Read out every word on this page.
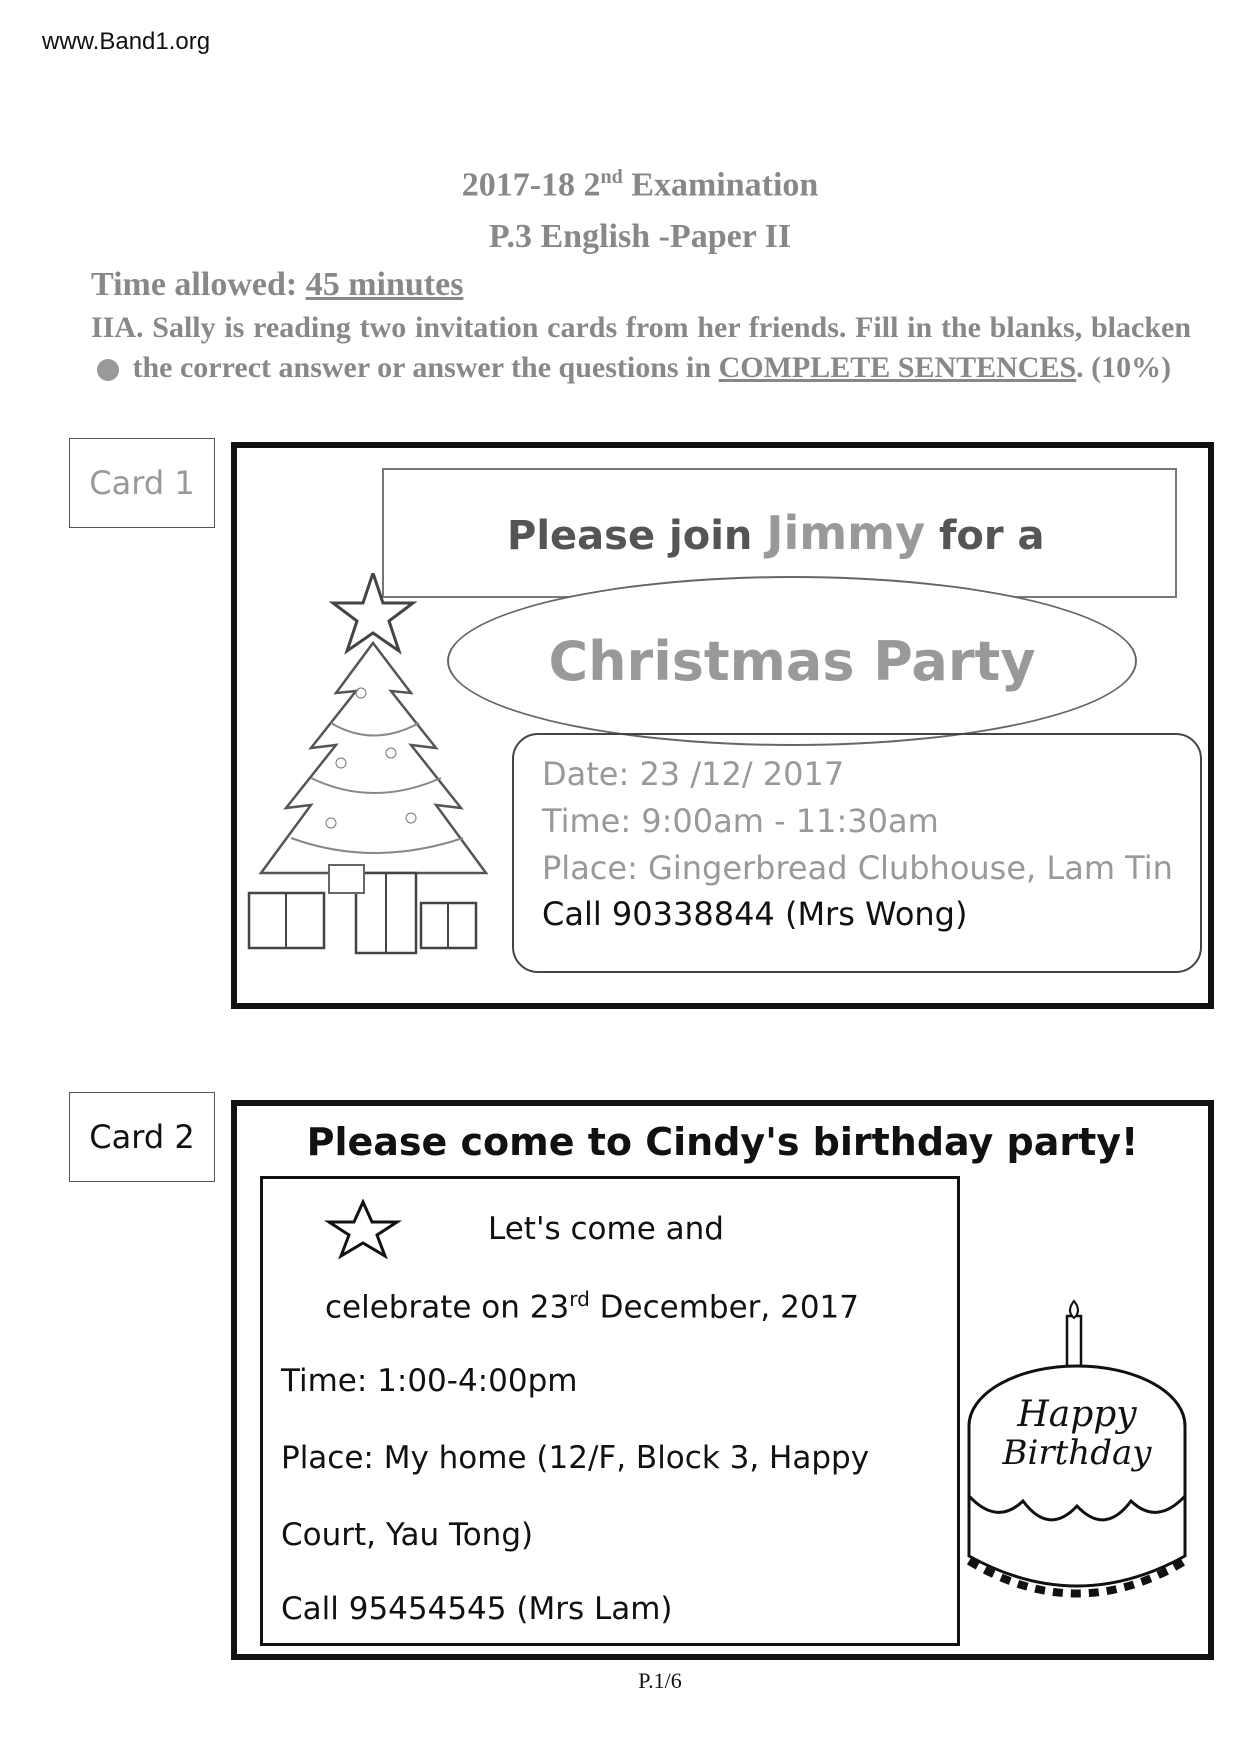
www.Band1.org
2017-18 2nd Examination
P.3 English -Paper II
Time allowed: 45 minutes
IIA. Sally is reading two invitation cards from her friends. Fill in the blanks, blacken  the correct answer or answer the questions in COMPLETE SENTENCES. (10%)
Card 1
Please join Jimmy for a
Christmas Party
Date: 23 /12/ 2017
Time: 9:00am - 11:30am
Place: Gingerbread Clubhouse, Lam Tin
Call 90338844 (Mrs Wong)
Card 2	Please come to Cindy's birthday party!
Let's come and
celebrate on 23rd December, 2017
Time: 1:00-4:00pm
Place: My home (12/F, Block 3, Happy
Court, Yau Tong)
Call 95454545 (Mrs Lam)
Happy
Birthday
P.1/6
